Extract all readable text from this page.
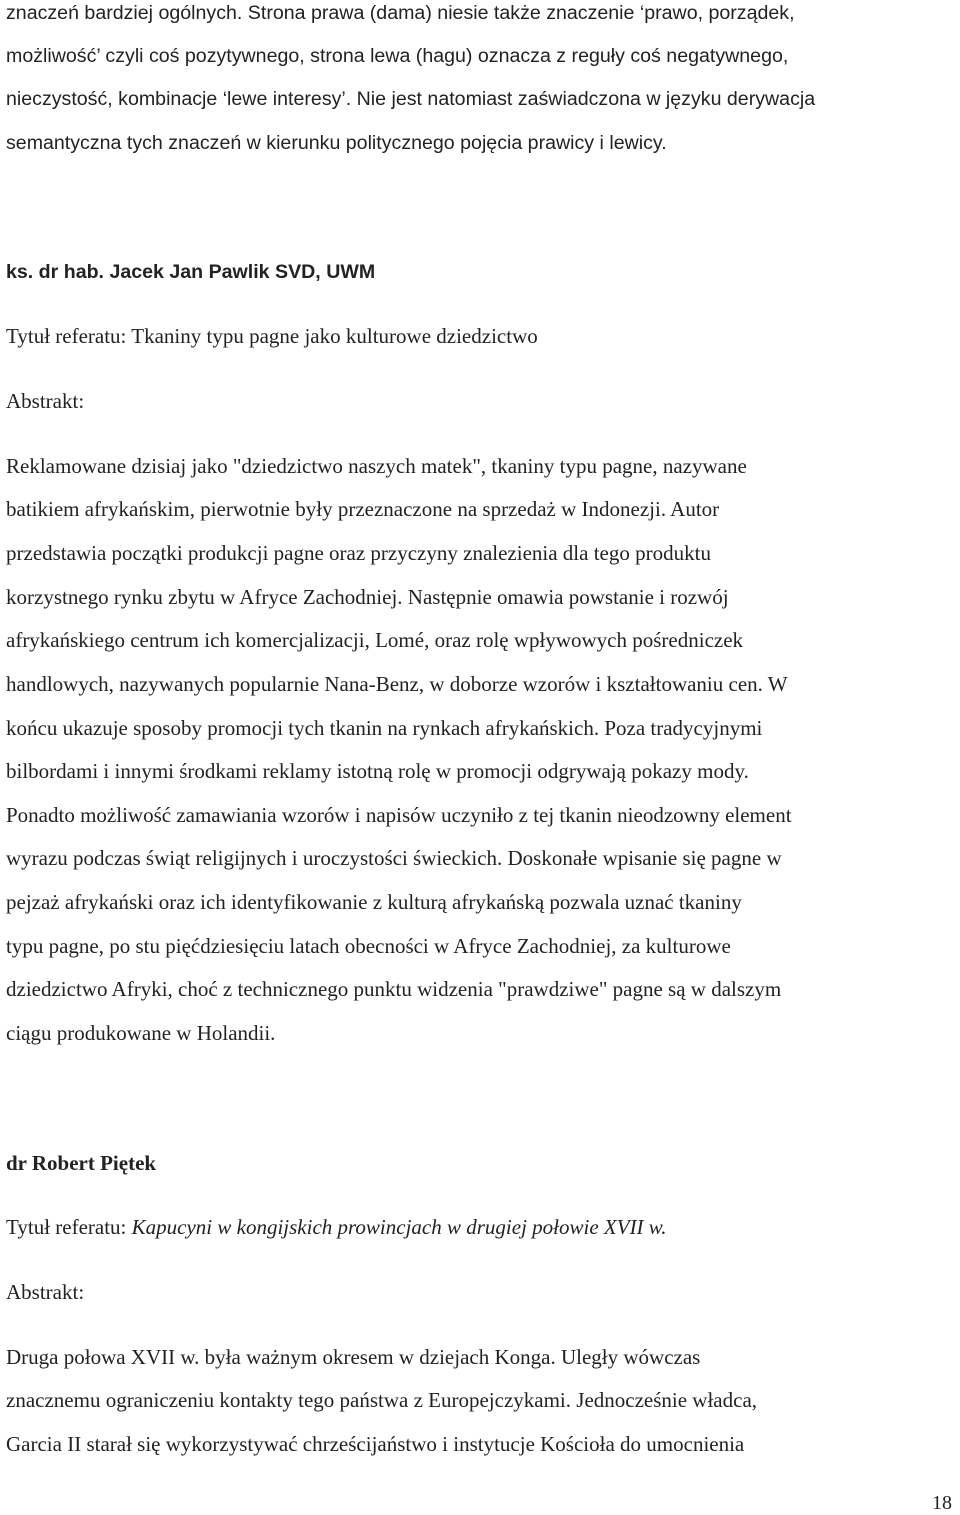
znaczeń bardziej ogólnych. Strona prawa (dama) niesie także znaczenie ‘prawo, porządek,
możliwość’ czyli coś pozytywnego, strona lewa (hagu) oznacza z reguły coś negatywnego,
nieczystość, kombinacje ‘lewe interesy’. Nie jest natomiast zaświadczona w języku derywacja
semantyczna tych znaczeń w kierunku politycznego pojęcia prawicy i lewicy.
ks. dr hab. Jacek Jan Pawlik SVD, UWM
Tytuł referatu: Tkaniny typu pagne jako kulturowe dziedzictwo
Abstrakt:
Reklamowane dzisiaj jako "dziedzictwo naszych matek", tkaniny typu pagne, nazywane
batikiem afrykańskim, pierwotnie były przeznaczone na sprzedaż w Indonezji. Autor
przedstawia początki produkcji pagne oraz przyczyny znalezienia dla tego produktu
korzystnego rynku zbytu w Afryce Zachodniej. Następnie omawia powstanie i rozwój
afrykańskiego centrum ich komercjalizacji, Lomé, oraz rolę wpływowych pośredniczek
handlowych, nazywanych popularnie Nana-Benz, w doborze wzorów i kształtowaniu cen. W
końcu ukazuje sposoby promocji tych tkanin na rynkach afrykańskich. Poza tradycyjnymi
bilbordami i innymi środkami reklamy istotną rolę w promocji odgrywają pokazy mody.
Ponadto możliwość zamawiania wzorów i napisów uczyniło z tej tkanin nieodzowny element
wyrazu podczas świąt religijnych i uroczystości świeckich. Doskonałe wpisanie się pagne w
pejzaż afrykański oraz ich identyfikowanie z kulturą afrykańską pozwala uznać tkaniny
typu pagne, po stu pięćdziesięciu latach obecności w Afryce Zachodniej, za kulturowe
dziedzictwo Afryki, choć z technicznego punktu widzenia "prawdziwe" pagne są w dalszym
ciągu produkowane w Holandii.
dr Robert Piętek
Tytuł referatu: Kapucyni w kongijskich prowincjach w drugiej połowie XVII w.
Abstrakt:
Druga połowa XVII w. była ważnym okresem w dziejach Konga. Uległy wówczas
znacznemu ograniczeniu kontakty tego państwa z Europejczykami. Jednocześnie władca,
Garcia II starał się wykorzystywać chrześcijaństwo i instytucje Kościoła do umocnienia
18
